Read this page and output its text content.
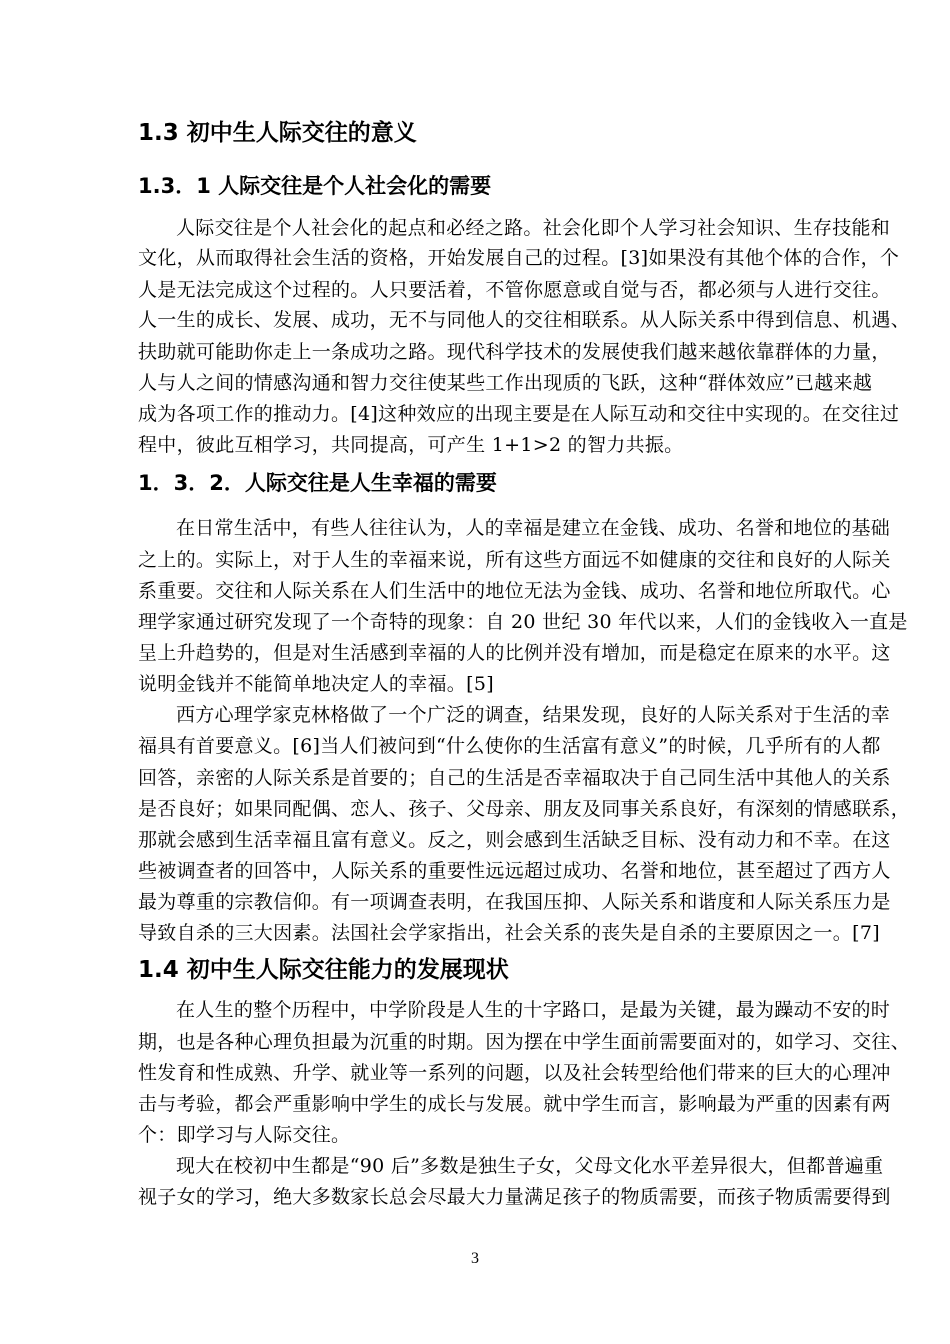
1.3 初中生人际交往的意义
1.3．1 人际交往是个人社会化的需要
人际交往是个人社会化的起点和必经之路。社会化即个人学习社会知识、生存技能和
文化，从而取得社会生活的资格，开始发展自己的过程。[3]如果没有其他个体的合作，个
人是无法完成这个过程的。人只要活着，不管你愿意或自觉与否，都必须与人进行交往。
人一生的成长、发展、成功，无不与同他人的交往相联系。从人际关系中得到信息、机遇、
扶助就可能助你走上一条成功之路。现代科学技术的发展使我们越来越依靠群体的力量，
人与人之间的情感沟通和智力交往使某些工作出现质的飞跃，这种“群体效应”已越来越
成为各项工作的推动力。[4]这种效应的出现主要是在人际互动和交往中实现的。在交往过
程中，彼此互相学习，共同提高，可产生 1+1>2 的智力共振。
1．3．2．人际交往是人生幸福的需要
在日常生活中，有些人往往认为，人的幸福是建立在金钱、成功、名誉和地位的基础
之上的。实际上，对于人生的幸福来说，所有这些方面远不如健康的交往和良好的人际关
系重要。交往和人际关系在人们生活中的地位无法为金钱、成功、名誉和地位所取代。心
理学家通过研究发现了一个奇特的现象：自 20 世纪 30 年代以来，人们的金钱收入一直是
呈上升趋势的，但是对生活感到幸福的人的比例并没有增加，而是稳定在原来的水平。这
说明金钱并不能简单地决定人的幸福。[5]
西方心理学家克林格做了一个广泛的调查，结果发现，良好的人际关系对于生活的幸
福具有首要意义。[6]当人们被问到“什么使你的生活富有意义”的时候，几乎所有的人都
回答，亲密的人际关系是首要的；自己的生活是否幸福取决于自己同生活中其他人的关系
是否良好；如果同配偶、恋人、孩子、父母亲、朋友及同事关系良好，有深刻的情感联系，
那就会感到生活幸福且富有意义。反之，则会感到生活缺乏目标、没有动力和不幸。在这
些被调查者的回答中，人际关系的重要性远远超过成功、名誉和地位，甚至超过了西方人
最为尊重的宗教信仰。有一项调查表明，在我国压抑、人际关系和谐度和人际关系压力是
导致自杀的三大因素。法国社会学家指出，社会关系的丧失是自杀的主要原因之一。[7]
1.4 初中生人际交往能力的发展现状
在人生的整个历程中，中学阶段是人生的十字路口，是最为关键，最为躁动不安的时
期，也是各种心理负担最为沉重的时期。因为摆在中学生面前需要面对的，如学习、交往、
性发育和性成熟、升学、就业等一系列的问题，以及社会转型给他们带来的巨大的心理冲
击与考验，都会严重影响中学生的成长与发展。就中学生而言，影响最为严重的因素有两
个：即学习与人际交往。
现大在校初中生都是“90 后”多数是独生子女，父母文化水平差异很大，但都普遍重
视子女的学习，绝大多数家长总会尽最大力量满足孩子的物质需要，而孩子物质需要得到
3
